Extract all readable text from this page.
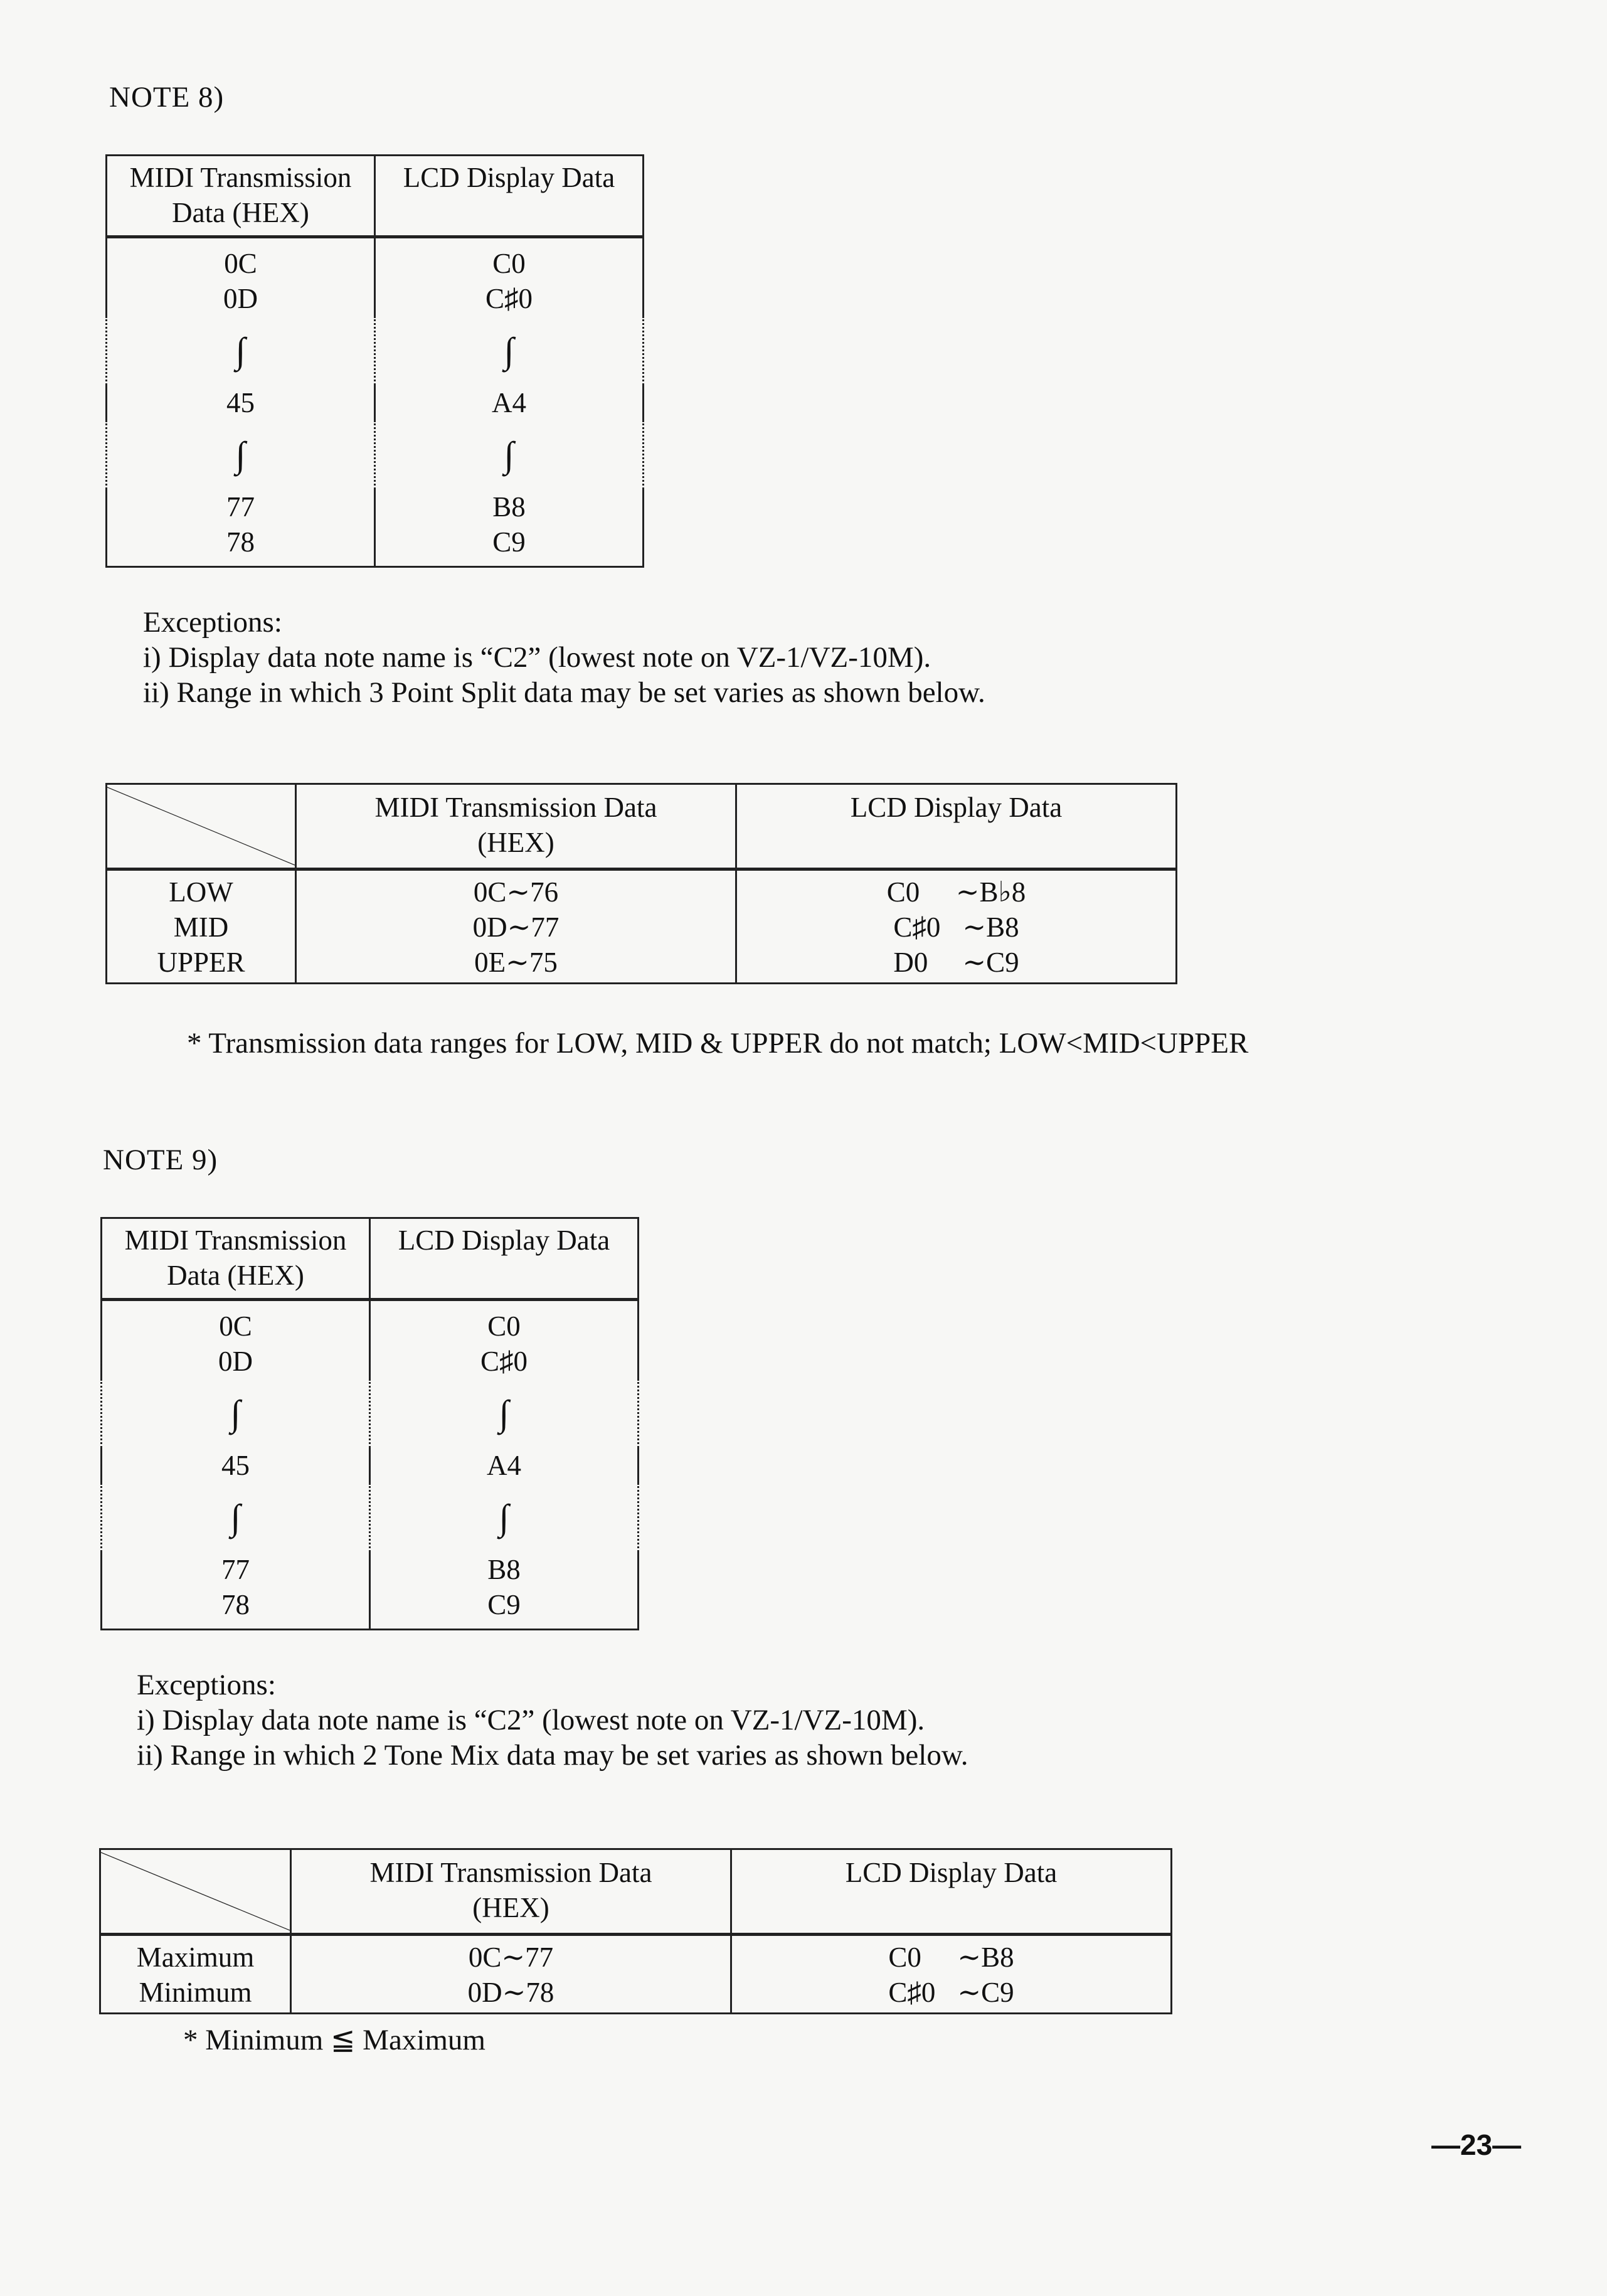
NOTE 8)
MIDI Transmission
Data (HEX)	LCD Display Data

0C	C0
0D	C♯0
∫	∫
45	A4
∫	∫
77	B8
78	C9
Exceptions:
i) Display data note name is “C2” (lowest note on VZ-1/VZ-10M).
ii) Range in which 3 Point Split data may be set varies as shown below.
	MIDI Transmission Data
(HEX)	LCD Display Data
LOW	0C∼76	C0 ∼B♭8
MID	0D∼77	C♯0 ∼B8
UPPER	0E∼75	D0 ∼C9
* Transmission data ranges for LOW, MID & UPPER do not match; LOW<MID<UPPER
NOTE 9)
MIDI Transmission
Data (HEX)	LCD Display Data

0C	C0
0D	C♯0
∫	∫
45	A4
∫	∫
77	B8
78	C9
Exceptions:
i) Display data note name is “C2” (lowest note on VZ-1/VZ-10M).
ii) Range in which 2 Tone Mix data may be set varies as shown below.
	MIDI Transmission Data
(HEX)	LCD Display Data
Maximum	0C∼77	C0 ∼B8
Minimum	0D∼78	C♯0 ∼C9
* Minimum ≦ Maximum
—23—
